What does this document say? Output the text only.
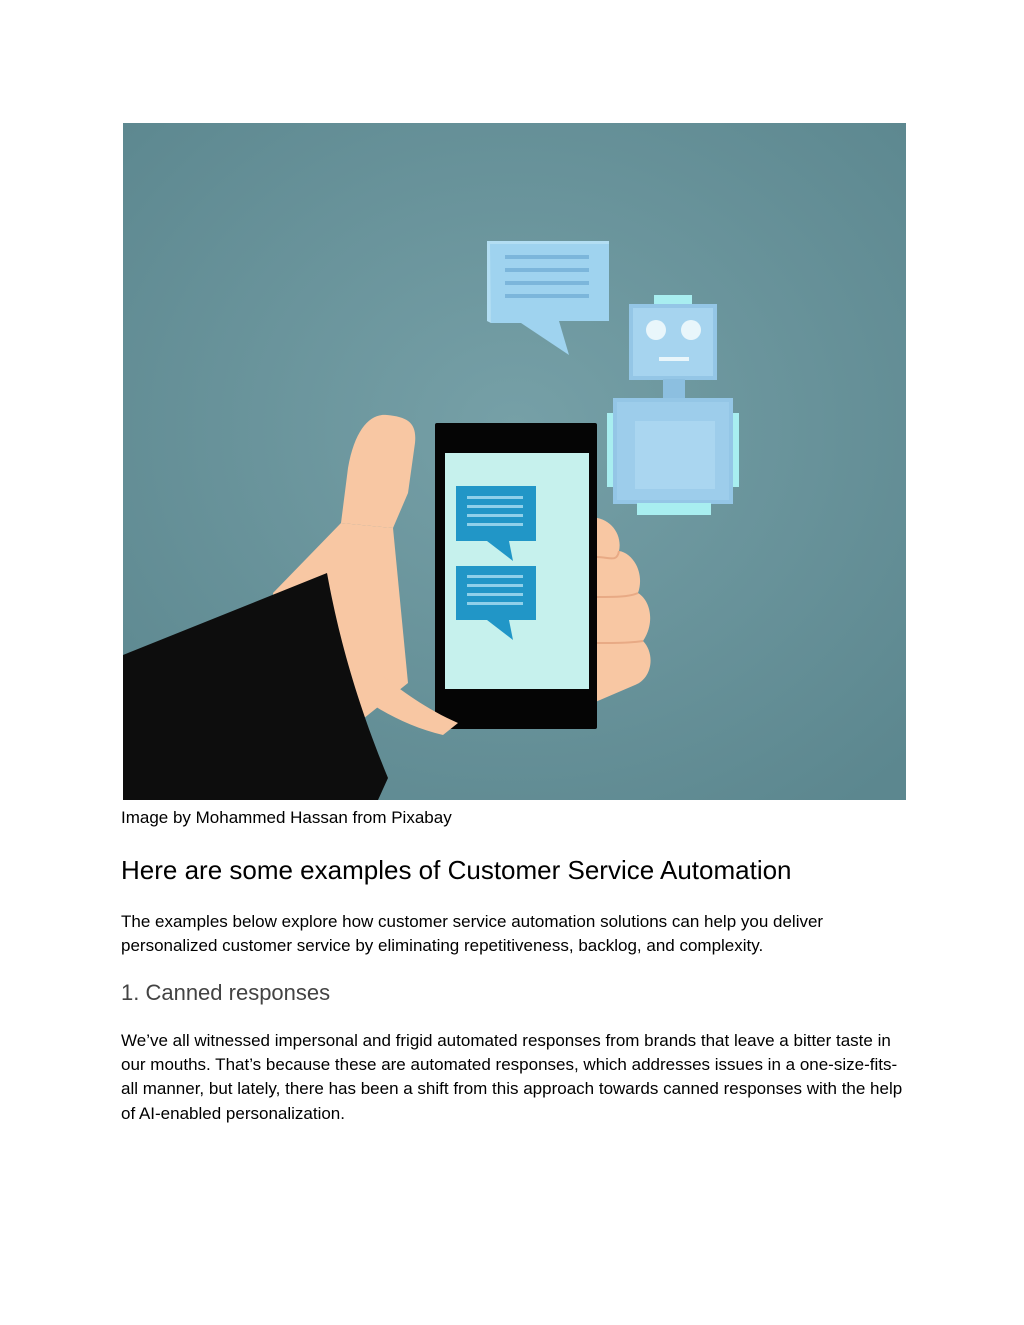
Image by Mohammed Hassan from Pixabay
Here are some examples of Customer Service Automation

The examples below explore how customer service automation solutions can help you deliver personalized customer service by eliminating repetitiveness, backlog, and complexity.

1. Canned responses

We’ve all witnessed impersonal and frigid automated responses from brands that leave a bitter taste in our mouths. That’s because these are automated responses, which addresses issues in a one-size-fits-all manner, but lately, there has been a shift from this approach towards canned responses with the help of AI-enabled personalization.
